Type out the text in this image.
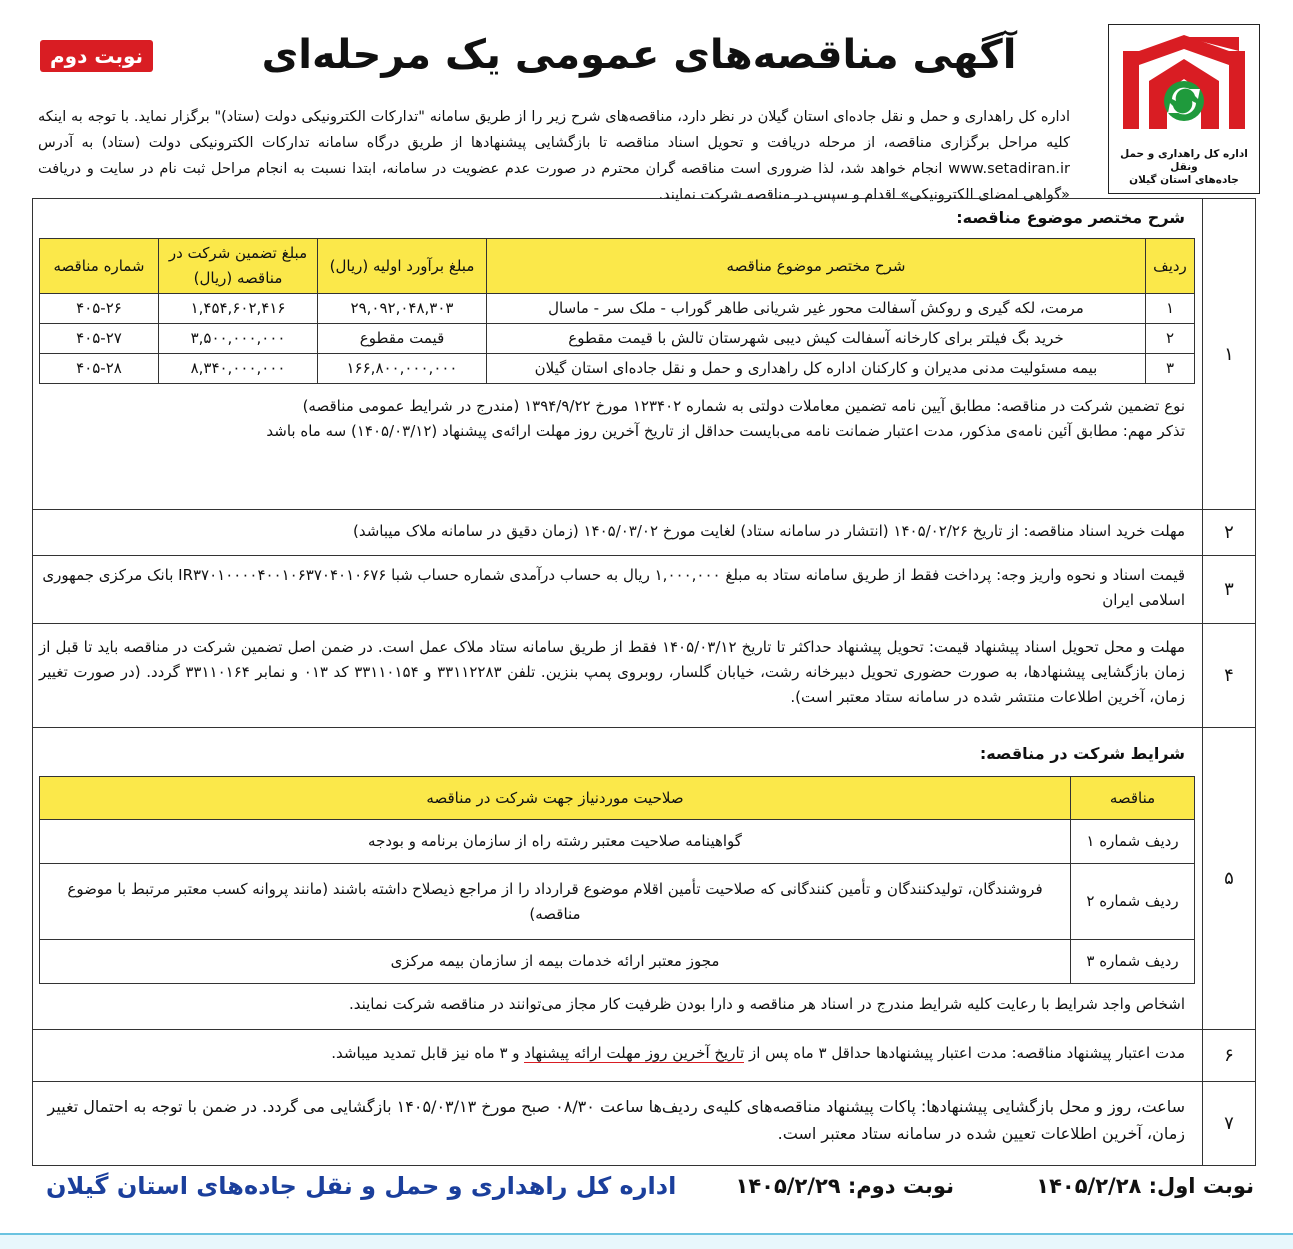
اداره کل راهداری و حمل ونقل
جاده‌های استان گیلان
آگهی مناقصه‌های عمومی یک مرحله‌ای
نوبت دوم
اداره کل راهداری و حمل و نقل جاده‌ای استان گیلان در نظر دارد، مناقصه‌های شرح زیر را از طریق سامانه "تدارکات الکترونیکی دولت (ستاد)" برگزار نماید. با توجه به اینکه کلیه مراحل برگزاری مناقصه، از مرحله دریافت و تحویل اسناد مناقصه تا بازگشایی پیشنهادها از طریق درگاه سامانه تدارکات الکترونیکی دولت (ستاد) به آدرس www.setadiran.ir انجام خواهد شد، لذا ضروری است مناقصه گران محترم در صورت عدم عضویت در سامانه، ابتدا نسبت به انجام مراحل ثبت نام در سایت و دریافت «گواهی امضای الکترونیکی» اقدام و سپس در مناقصه شرکت نمایند.
۱
شرح مختصر موضوع مناقصه:
ردیف	شرح مختصر موضوع مناقصه	مبلغ برآورد اولیه (ریال)	مبلغ تضمین شرکت در مناقصه (ریال)	شماره مناقصه
۱	مرمت، لکه گیری و روکش آسفالت محور غیر شریانی طاهر گوراب - ملک سر - ماسال	۲۹,۰۹۲,۰۴۸,۳۰۳	۱,۴۵۴,۶۰۲,۴۱۶	۴۰۵-۲۶
۲	خرید بگ فیلتر برای کارخانه آسفالت کیش دیبی شهرستان تالش با قیمت مقطوع	قیمت مقطوع	۳,۵۰۰,۰۰۰,۰۰۰	۴۰۵-۲۷
۳	بیمه مسئولیت مدنی مدیران و کارکنان اداره کل راهداری و حمل و نقل جاده‌ای استان گیلان	۱۶۶,۸۰۰,۰۰۰,۰۰۰	۸,۳۴۰,۰۰۰,۰۰۰	۴۰۵-۲۸
نوع تضمین شرکت در مناقصه: مطابق آیین نامه تضمین معاملات دولتی به شماره ۱۲۳۴۰۲ مورخ ۱۳۹۴/۹/۲۲ (مندرج در شرایط عمومی مناقصه)
تذکر مهم: مطابق آئین نامه‌ی مذکور، مدت اعتبار ضمانت نامه می‌بایست حداقل از تاریخ آخرین روز مهلت ارائه‌ی پیشنهاد (۱۴۰۵/۰۳/۱۲) سه ماه باشد
۲
مهلت خرید اسناد مناقصه: از تاریخ ۱۴۰۵/۰۲/۲۶ (انتشار در سامانه ستاد) لغایت مورخ ۱۴۰۵/۰۳/۰۲ (زمان دقیق در سامانه ملاک میباشد)
۳
قیمت اسناد و نحوه واریز وجه: پرداخت فقط از طریق سامانه ستاد به مبلغ ۱,۰۰۰,۰۰۰ ریال به حساب درآمدی شماره حساب شبا IR۳۷۰۱۰۰۰۰۴۰۰۱۰۶۳۷۰۴۰۱۰۶۷۶ بانک مرکزی جمهوری اسلامی ایران
۴
مهلت و محل تحویل اسناد پیشنهاد قیمت: تحویل پیشنهاد حداکثر تا تاریخ ۱۴۰۵/۰۳/۱۲ فقط از طریق سامانه ستاد ملاک عمل است. در ضمن اصل تضمین شرکت در مناقصه باید تا قبل از زمان بازگشایی پیشنهادها، به صورت حضوری تحویل دبیرخانه رشت، خیابان گلسار، روبروی پمپ بنزین. تلفن ۳۳۱۱۲۲۸۳ و ۳۳۱۱۰۱۵۴ کد ۰۱۳ و نمابر ۳۳۱۱۰۱۶۴ گردد. (در صورت تغییر زمان، آخرین اطلاعات منتشر شده در سامانه ستاد معتبر است).
۵
شرایط شرکت در مناقصه:
مناقصه	صلاحیت موردنیاز جهت شرکت در مناقصه
ردیف شماره ۱	گواهینامه صلاحیت معتبر رشته راه از سازمان برنامه و بودجه
ردیف شماره ۲	فروشندگان، تولیدکنندگان و تأمین کنندگانی که صلاحیت تأمین اقلام موضوع قرارداد را از مراجع ذیصلاح داشته باشند (مانند پروانه کسب معتبر مرتبط با موضوع مناقصه)
ردیف شماره ۳	مجوز معتبر ارائه خدمات بیمه از سازمان بیمه مرکزی
اشخاص واجد شرایط با رعایت کلیه شرایط مندرج در اسناد هر مناقصه و دارا بودن ظرفیت کار مجاز می‌توانند در مناقصه شرکت نمایند.
۶
مدت اعتبار پیشنهاد مناقصه: مدت اعتبار پیشنهادها حداقل ۳ ماه پس از تاریخ آخرین روز مهلت ارائه پیشنهاد و ۳ ماه نیز قابل تمدید میباشد.
۷
ساعت، روز و محل بازگشایی پیشنهادها: پاکات پیشنهاد مناقصه‌های کلیه‌ی ردیف‌ها ساعت ۰۸/۳۰ صبح مورخ ۱۴۰۵/۰۳/۱۳ بازگشایی می گردد. در ضمن با توجه به احتمال تغییر زمان، آخرین اطلاعات تعیین شده در سامانه ستاد معتبر است.
نوبت اول: ۱۴۰۵/۲/۲۸
نوبت دوم: ۱۴۰۵/۲/۲۹
اداره کل راهداری و حمل و نقل جاده‌های استان گیلان
